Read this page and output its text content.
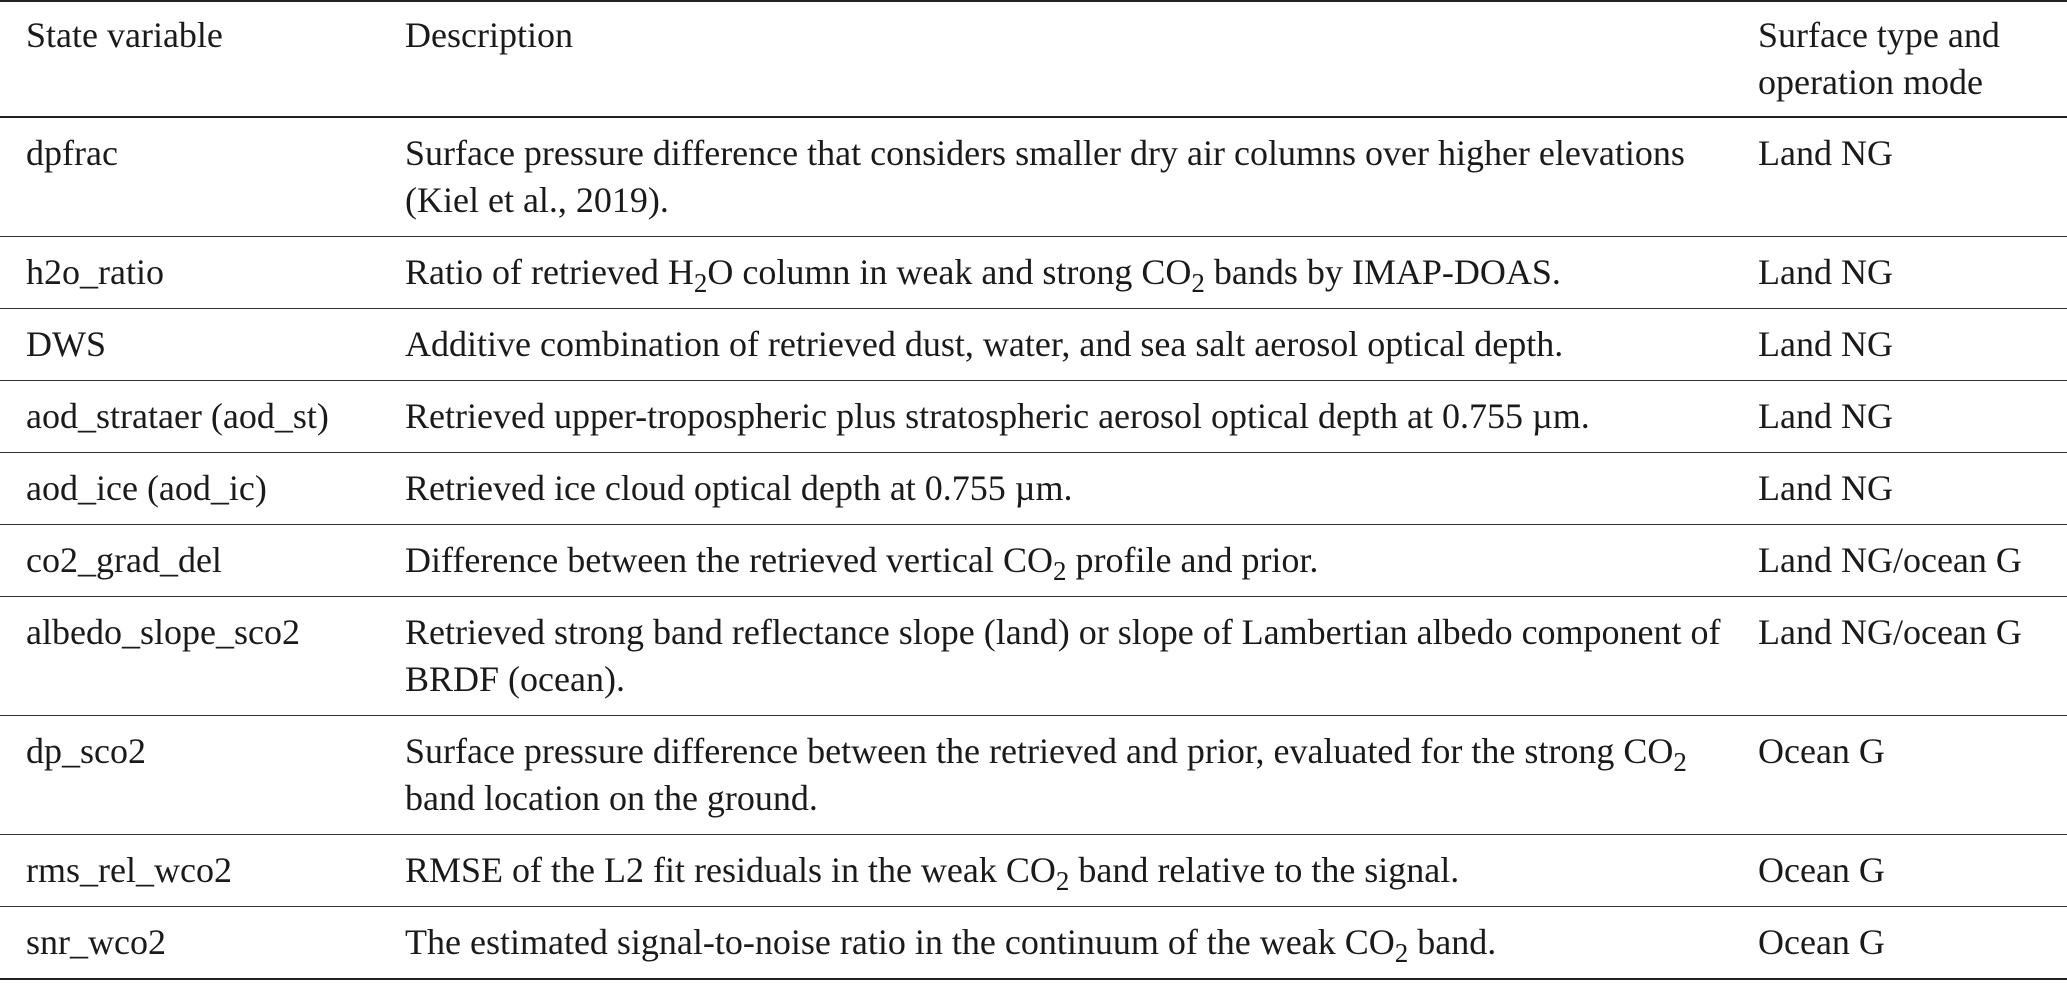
State variable	Description	Surface type and operation mode
dpfrac	Surface pressure difference that considers smaller dry air columns over higher elevations (Kiel et al., 2019).	Land NG
h2o_ratio	Ratio of retrieved $H_2O$ column in weak and strong $CO_2$ bands by IMAP-DOAS.	Land NG
DWS	Additive combination of retrieved dust, water, and sea salt aerosol optical depth.	Land NG
aod_strataer (aod_st)	Retrieved upper-tropospheric plus stratospheric aerosol optical depth at 0.755 µm.	Land NG
aod_ice (aod_ic)	Retrieved ice cloud optical depth at 0.755 µm.	Land NG
co2_grad_del	Difference between the retrieved vertical $CO_2$ profile and prior.	Land NG/ocean G
albedo_slope_sco2	Retrieved strong band reflectance slope (land) or slope of Lambertian albedo component of BRDF (ocean).	Land NG/ocean G
dp_sco2	Surface pressure difference between the retrieved and prior, evaluated for the strong $CO_2$ band location on the ground.	Ocean G
rms_rel_wco2	RMSE of the L2 fit residuals in the weak $CO_2$ band relative to the signal.	Ocean G
snr_wco2	The estimated signal-to-noise ratio in the continuum of the weak $CO_2$ band.	Ocean G
